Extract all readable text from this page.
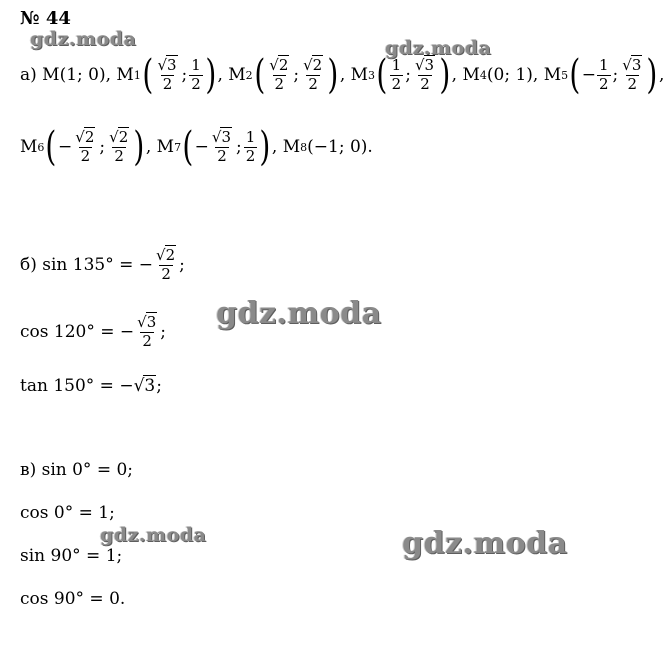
№ 44
gdz.moda	gdz.moda
gdz.moda
gdz.moda	gdz.moda
а) M(1; 0), M 1 ( $\frac{√3}{2}$ ; $\frac{1}{2}$ ) , M 2 ( $\frac{√2}{2}$ ; $\frac{√2}{2}$ ) , M 3 ( $\frac{1}{2}$ ; $\frac{√3}{2}$ ) , M 4 (0; 1), M 5 ( − $\frac{1}{2}$ ; $\frac{√3}{2}$ ) ,
M 6 ( − $\frac{√2}{2}$ ; $\frac{√2}{2}$ ) , M 7 ( − $\frac{√3}{2}$ ; $\frac{1}{2}$ ) , M 8 (−1; 0).
б) sin 135° = − $\frac{√2}{2}$ ;
cos 120° = − $\frac{√3}{2}$ ;
tan 150° = − √3 ;
в) sin 0° = 0;
cos 0° = 1;
sin 90° = 1;
cos 90° = 0.
